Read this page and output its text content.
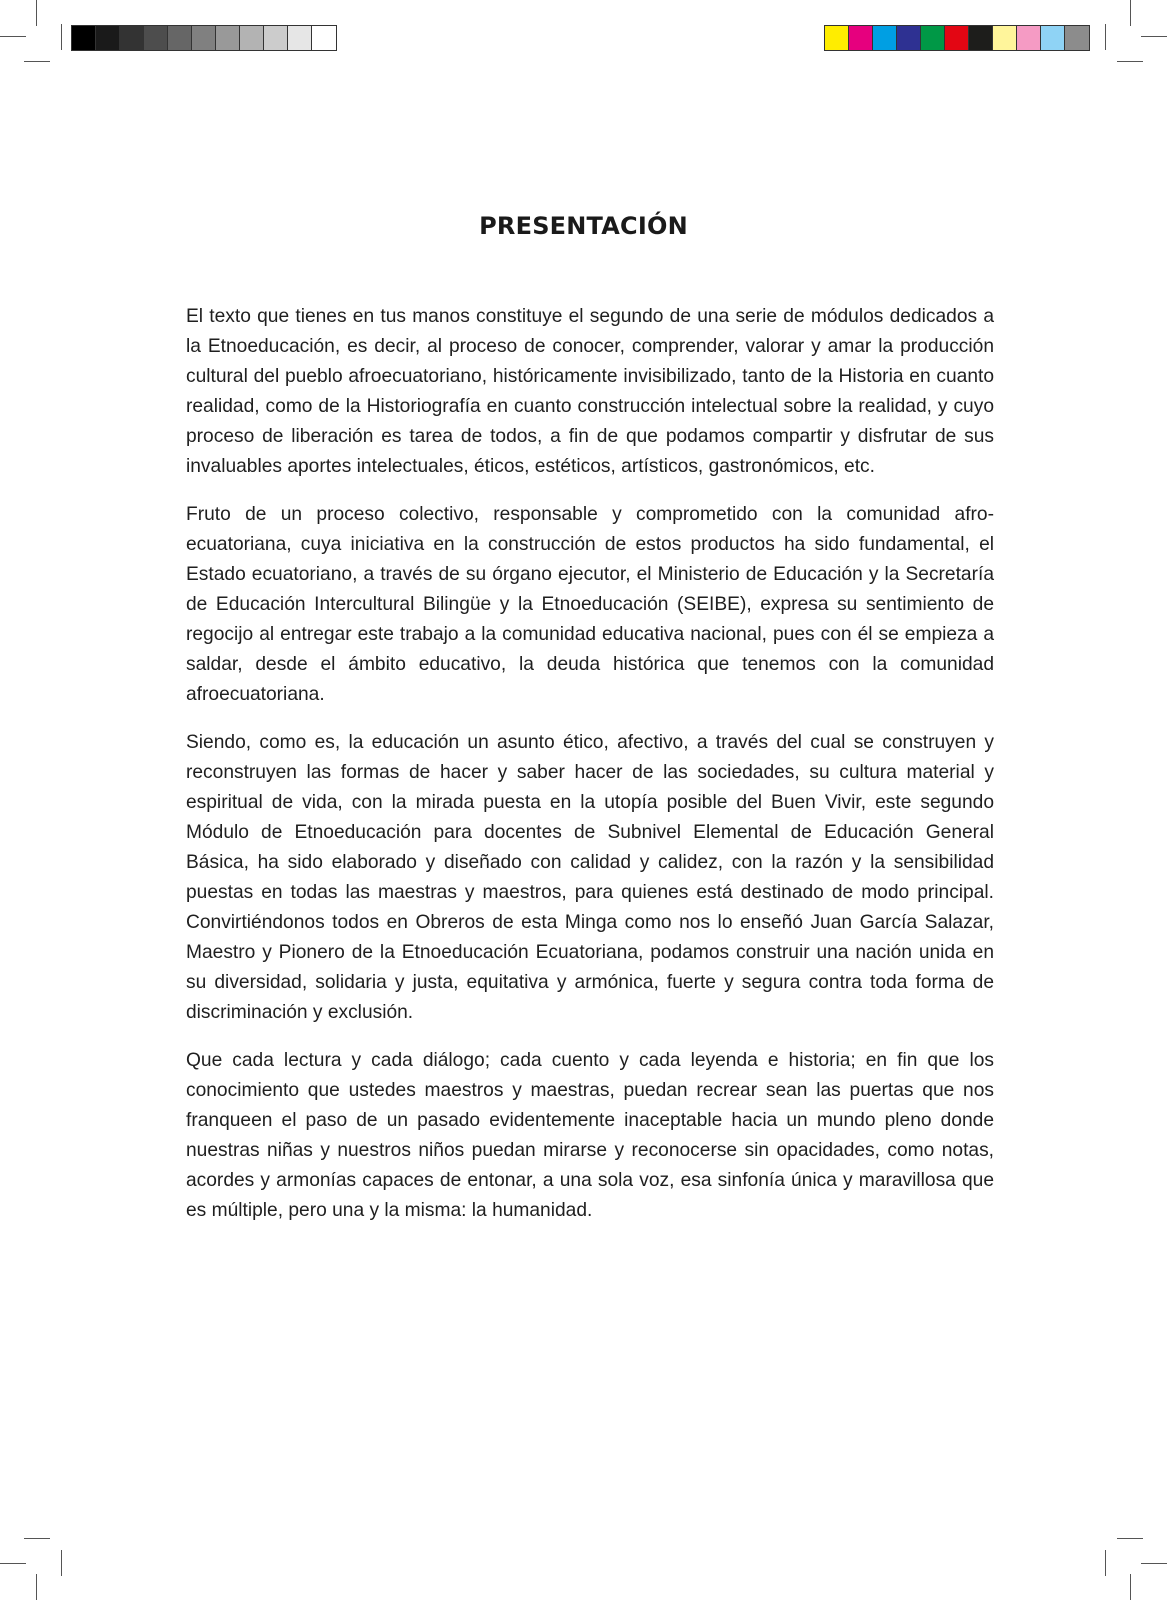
PRESENTACIÓN

El texto que tienes en tus manos constituye el segundo de una serie de módulos dedicados a la Etnoeducación, es decir, al proceso de conocer, comprender, valorar y amar la producción cultural del pueblo afroecuatoriano, históricamente invisibilizado, tanto de la Historia en cuanto realidad, como de la Historiografía en cuanto construcción intelectual sobre la realidad, y cuyo proceso de liberación es tarea de todos, a fin de que podamos compartir y disfrutar de sus invaluables aportes intelectuales, éticos, estéticos, artísticos, gastronómicos, etc.

Fruto de un proceso colectivo, responsable y comprometido con la comunidad afroecuatoriana, cuya iniciativa en la construcción de estos productos ha sido fundamental, el Estado ecuatoriano, a través de su órgano ejecutor, el Ministerio de Educación y la Secretaría de Educación Intercultural Bilingüe y la Etnoeducación (SEIBE), expresa su sentimiento de regocijo al entregar este trabajo a la comunidad educativa nacional, pues con él se empieza a saldar, desde el ámbito educativo, la deuda histórica que tenemos con la comunidad afroecuatoriana.

Siendo, como es, la educación un asunto ético, afectivo, a través del cual se construyen y reconstruyen las formas de hacer y saber hacer de las sociedades, su cultura material y espiritual de vida, con la mirada puesta en la utopía posible del Buen Vivir, este segundo Módulo de Etnoeducación para docentes de Subnivel Elemental de Educación General Básica, ha sido elaborado y diseñado con calidad y calidez, con la razón y la sensibilidad puestas en todas las maestras y maestros, para quienes está destinado de modo principal. Convirtiéndonos todos en Obreros de esta Minga como nos lo enseñó Juan García Salazar, Maestro y Pionero de la Etnoeducación Ecuatoriana, podamos construir una nación unida en su diversidad, solidaria y justa, equitativa y armónica, fuerte y segura contra toda forma de discriminación y exclusión.

Que cada lectura y cada diálogo; cada cuento y cada leyenda e historia; en fin que los conocimiento que ustedes maestros y maestras, puedan recrear sean las puertas que nos franqueen el paso de un pasado evidentemente inaceptable hacia un mundo pleno donde nuestras niñas y nuestros niños puedan mirarse y reconocerse sin opacidades, como notas, acordes y armonías capaces de entonar, a una sola voz, esa sinfonía única y maravillosa que es múltiple, pero una y la misma: la humanidad.
